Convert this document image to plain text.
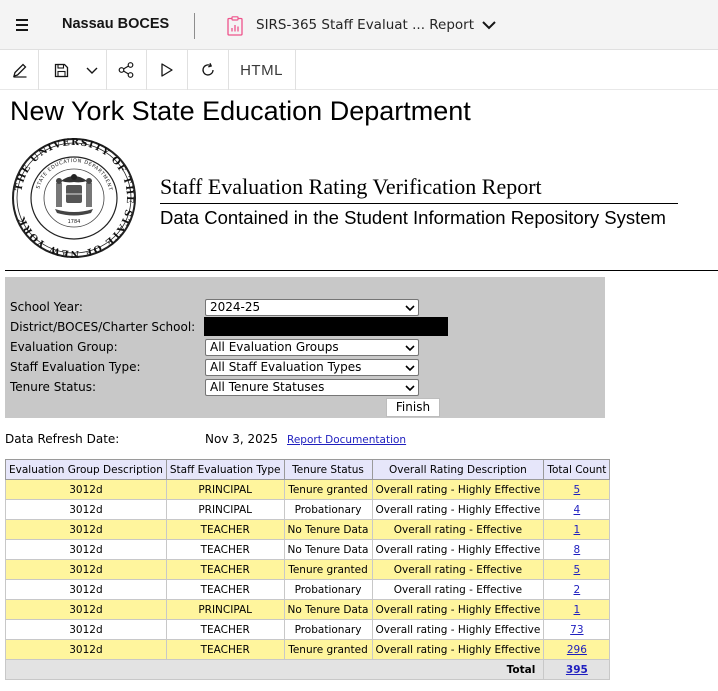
Nassau BOCES	SIRS-365 Staff Evaluat ... Report
HTML
New York State Education Department
THE UNIVERSITY OF THE STATE OF NEW YORK
STATE EDUCATION DEPARTMENT
1784
Staff Evaluation Rating Verification Report
Data Contained in the Student Information Repository System
School Year:	2024-25
District/BOCES/Charter School:
Evaluation Group:	All Evaluation Groups
Staff Evaluation Type:	All Staff Evaluation Types
Tenure Status:	All Tenure Statuses
Finish
Data Refresh Date:	Nov 3, 2025 Report Documentation
Evaluation Group Description	Staff Evaluation Type	Tenure Status	Overall Rating Description	Total Count
3012d	PRINCIPAL	Tenure granted	Overall rating - Highly Effective	5
3012d	PRINCIPAL	Probationary	Overall rating - Highly Effective	4
3012d	TEACHER	No Tenure Data	Overall rating - Effective	1
3012d	TEACHER	No Tenure Data	Overall rating - Highly Effective	8
3012d	TEACHER	Tenure granted	Overall rating - Effective	5
3012d	TEACHER	Probationary	Overall rating - Effective	2
3012d	PRINCIPAL	No Tenure Data	Overall rating - Highly Effective	1
3012d	TEACHER	Probationary	Overall rating - Highly Effective	73
3012d	TEACHER	Tenure granted	Overall rating - Highly Effective	296
Total				395
